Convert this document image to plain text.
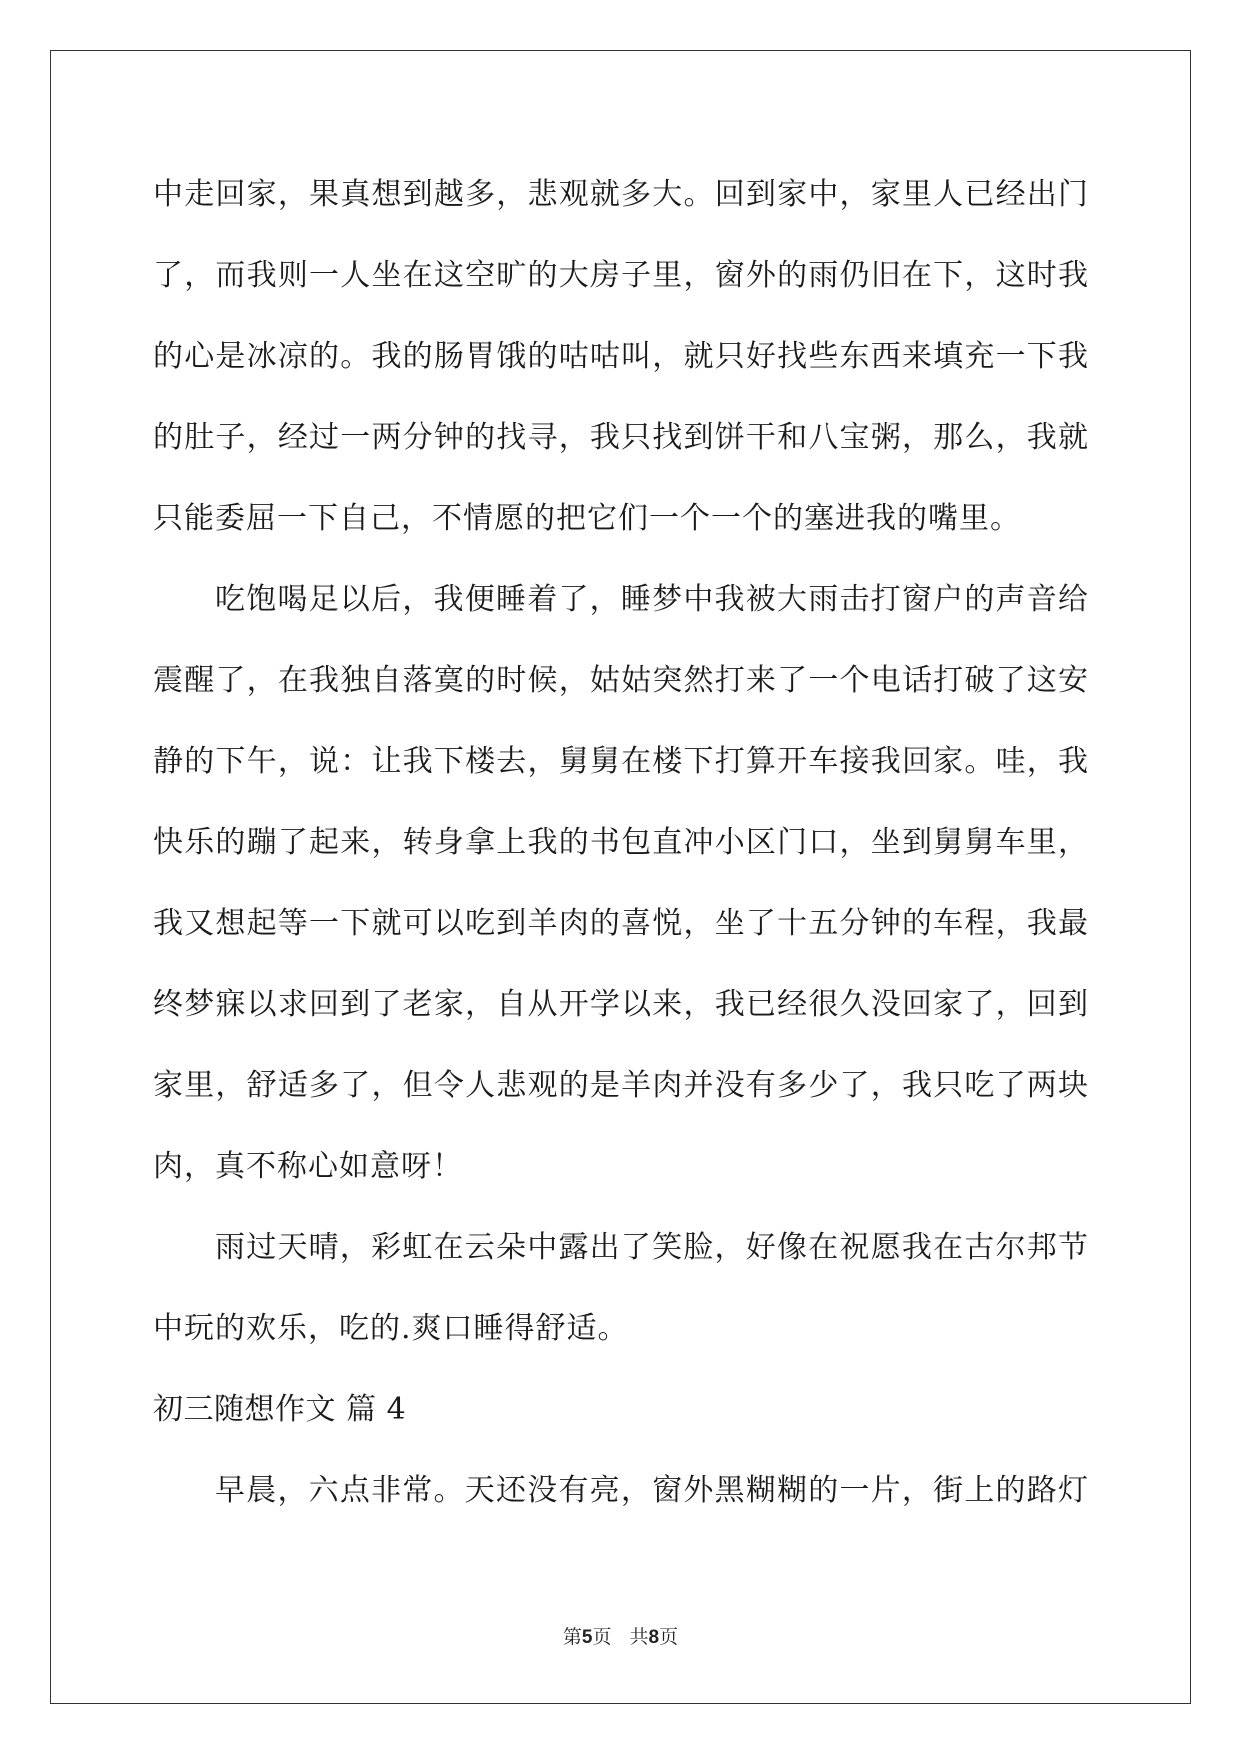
中走回家，果真想到越多，悲观就多大。回到家中，家里人已经出门
了，而我则一人坐在这空旷的大房子里，窗外的雨仍旧在下，这时我
的心是冰凉的。我的肠胃饿的咕咕叫，就只好找些东西来填充一下我
的肚子，经过一两分钟的找寻，我只找到饼干和八宝粥，那么，我就
只能委屈一下自己，不情愿的把它们一个一个的塞进我的嘴里。
吃饱喝足以后，我便睡着了，睡梦中我被大雨击打窗户的声音给
震醒了，在我独自落寞的时候，姑姑突然打来了一个电话打破了这安
静的下午，说：让我下楼去，舅舅在楼下打算开车接我回家。哇，我
快乐的蹦了起来，转身拿上我的书包直冲小区门口，坐到舅舅车里，
我又想起等一下就可以吃到羊肉的喜悦，坐了十五分钟的车程，我最
终梦寐以求回到了老家，自从开学以来，我已经很久没回家了，回到
家里，舒适多了，但令人悲观的是羊肉并没有多少了，我只吃了两块
肉，真不称心如意呀！
雨过天晴，彩虹在云朵中露出了笑脸，好像在祝愿我在古尔邦节
中玩的欢乐，吃的.爽口睡得舒适。
初三随想作文 篇 4
早晨，六点非常。天还没有亮，窗外黑糊糊的一片，街上的路灯
第5页 共8页
